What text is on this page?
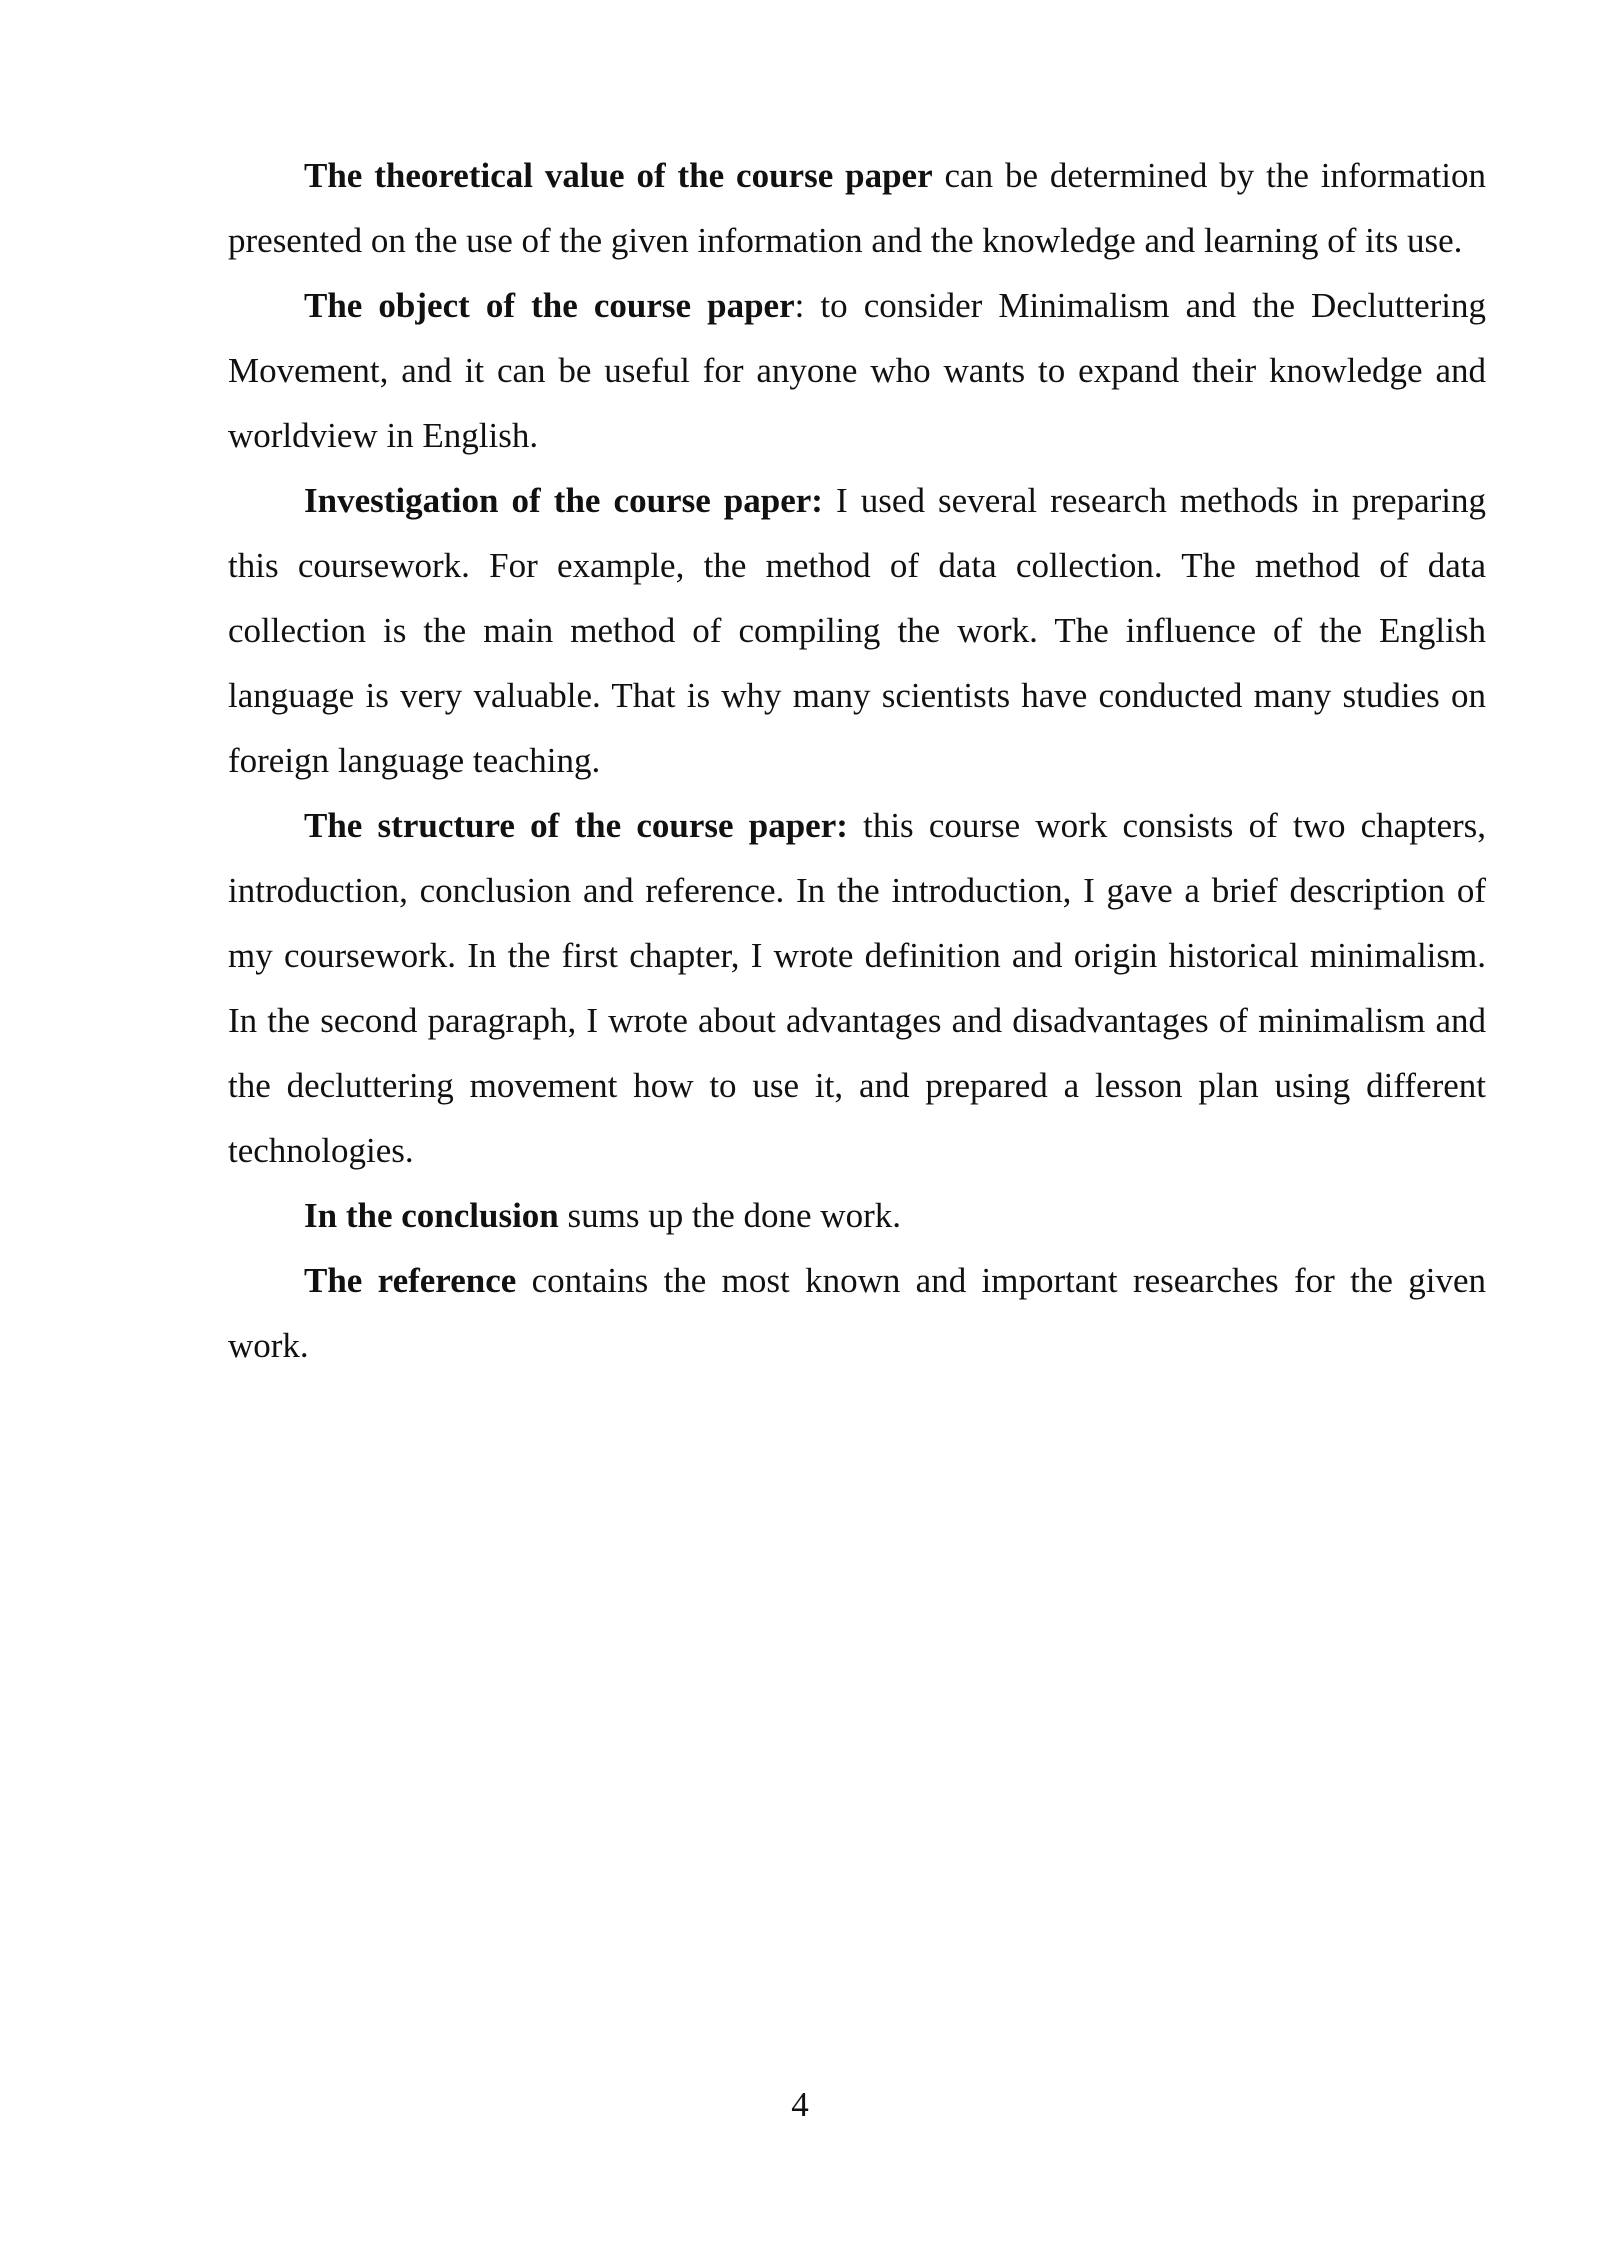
The theoretical value of the course paper can be determined by the information presented on the use of the given information and the knowledge and learning of its use.

The object of the course paper: to consider Minimalism and the Decluttering Movement, and it can be useful for anyone who wants to expand their knowledge and worldview in English.

Investigation of the course paper: I used several research methods in preparing this coursework. For example, the method of data collection. The method of data collection is the main method of compiling the work. The influence of the English language is very valuable. That is why many scientists have conducted many studies on foreign language teaching.

The structure of the course paper: this course work consists of two chapters, introduction, conclusion and reference. In the introduction, I gave a brief description of my coursework. In the first chapter, I wrote definition and origin historical minimalism. In the second paragraph, I wrote about advantages and disadvantages of minimalism and the decluttering movement how to use it, and prepared a lesson plan using different technologies.

In the conclusion sums up the done work.

The reference contains the most known and important researches for the given work.

4
